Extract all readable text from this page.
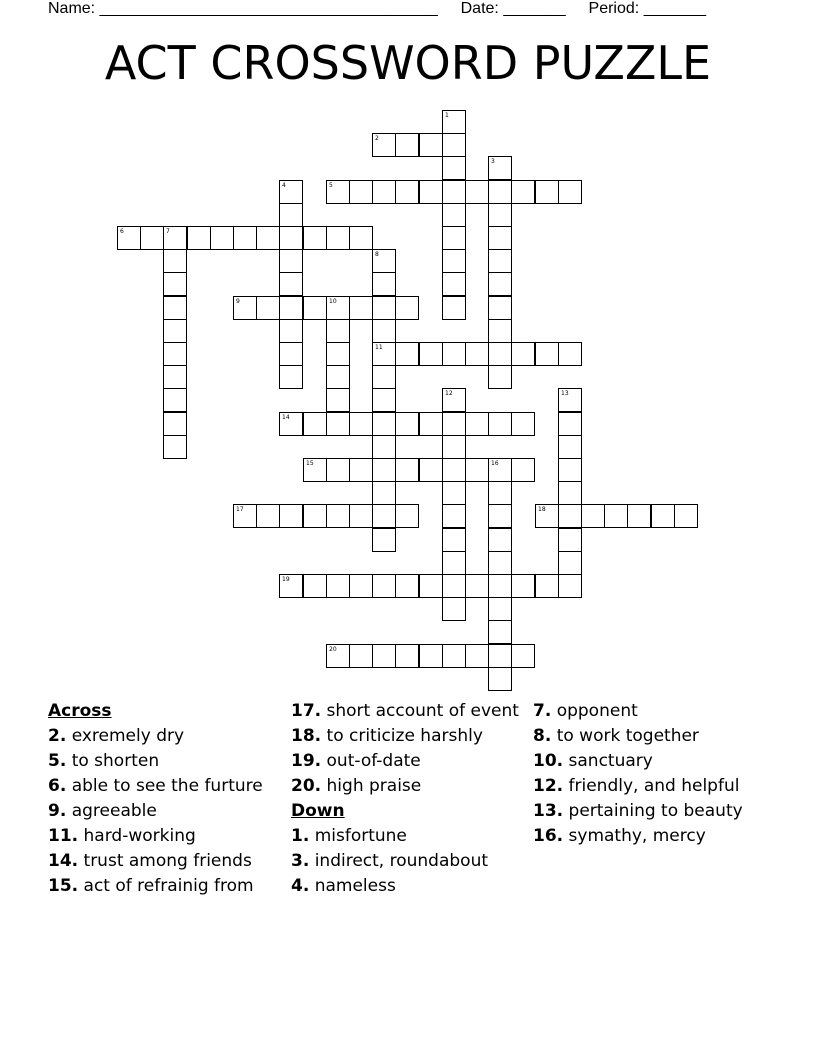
Name: ______________________________________ Date: _______ Period: _______
ACT CROSSWORD PUZZLE
1
2
3
4	5
6	7
8
11
9	10
12	13
14
15	16
17	18
19
20
Across
2. exremely dry
5. to shorten
6. able to see the furture
9. agreeable
11. hard-working
14. trust among friends
15. act of refrainig from
17. short account of event
18. to criticize harshly
19. out-of-date
20. high praise
Down
1. misfortune
3. indirect, roundabout
4. nameless
7. opponent
8. to work together
10. sanctuary
12. friendly, and helpful
13. pertaining to beauty
16. symathy, mercy
